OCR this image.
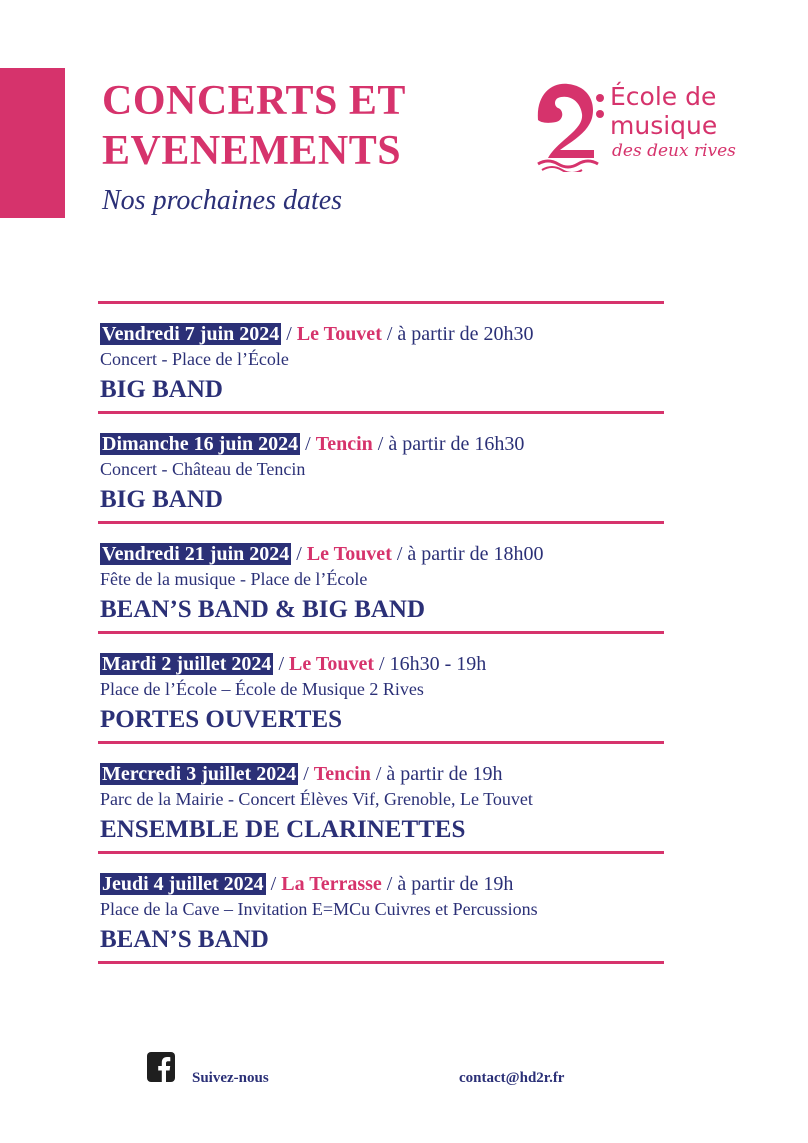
CONCERTS ET
EVENEMENTS
Nos prochaines dates
École de
musique
des deux rives
Vendredi 7 juin 2024 / Le Touvet / à partir de 20h30
Concert - Place de l’École
BIG BAND
Dimanche 16 juin 2024 / Tencin / à partir de 16h30
Concert - Château de Tencin
BIG BAND
Vendredi 21 juin 2024 / Le Touvet / à partir de 18h00
Fête de la musique - Place de l’École
BEAN’S BAND & BIG BAND
Mardi 2 juillet 2024 / Le Touvet / 16h30 - 19h
Place de l’École – École de Musique 2 Rives
PORTES OUVERTES
Mercredi 3 juillet 2024 / Tencin / à partir de 19h
Parc de la Mairie - Concert Élèves Vif, Grenoble, Le Touvet
ENSEMBLE DE CLARINETTES
Jeudi 4 juillet 2024 / La Terrasse / à partir de 19h
Place de la Cave – Invitation E=MCu Cuivres et Percussions
BEAN’S BAND
Suivez-nous	contact@hd2r.fr
